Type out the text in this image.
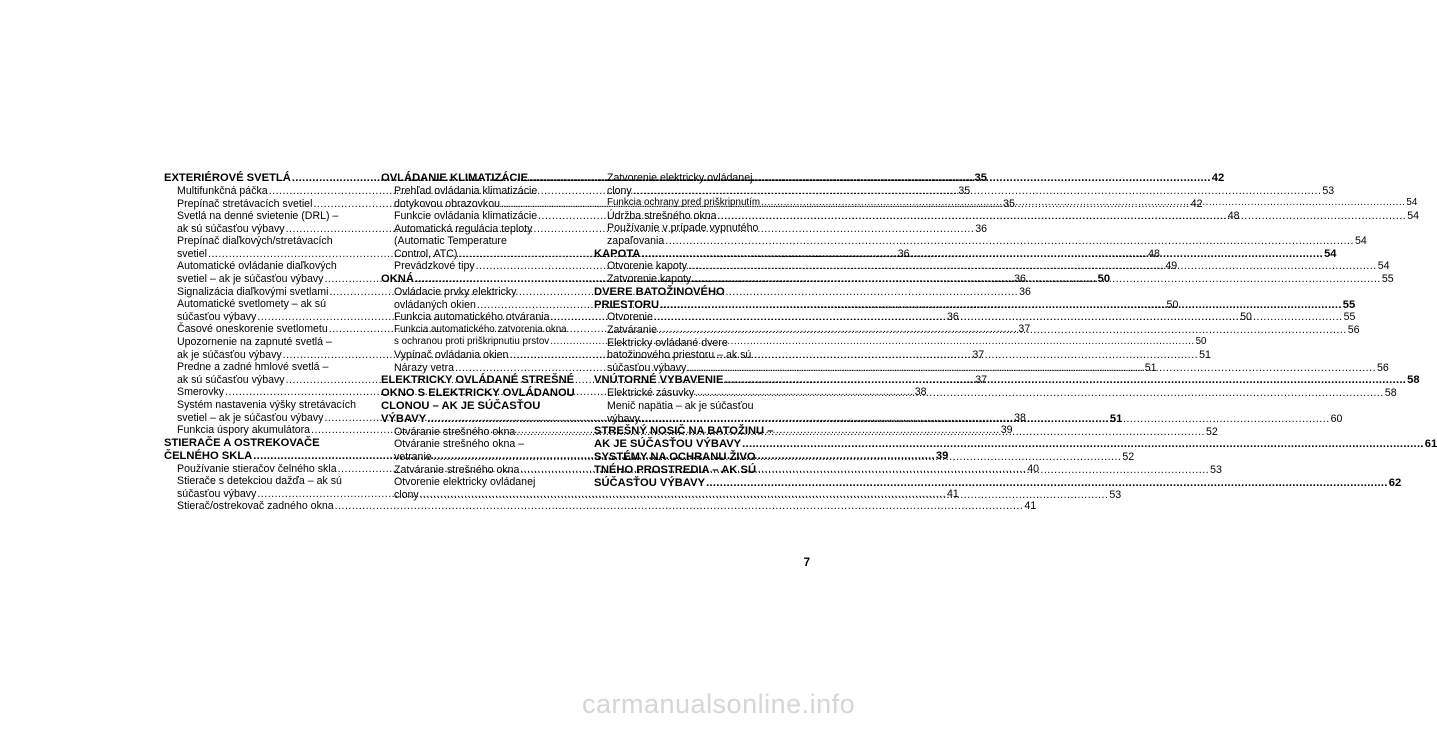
EXTERIÉROVÉ SVETLÁ .....	35
Multifunkčná páčka .....	35
Prepínač stretávacích svetiel .....	35
Svetlá na denné svietenie (DRL) –
ak sú súčasťou výbavy .....	36
Prepínač diaľkových/stretávacích
svetiel .....	36
Automatické ovládanie diaľkových
svetiel – ak je súčasťou výbavy .....	36
Signalizácia diaľkovými svetlami .....	36
Automatické svetlomety – ak sú
súčasťou výbavy .....	36
Časové oneskorenie svetlometu .....	37
Upozornenie na zapnuté svetlá –
ak je súčasťou výbavy .....	37
Predne a zadné hmlové svetlá –
ak sú súčasťou výbavy .....	37
Smerovky .....	38
Systém nastavenia výšky stretávacích
svetiel – ak je súčasťou výbavy .....	38
Funkcia úspory akumulátora .....	39
STIERAČE A OSTREKOVAČE
ČELNÉHO SKLA .....	39
Používanie stieračov čelného skla .....	40
Stierače s detekciou dažďa – ak sú
súčasťou výbavy .....	41
Stierač/ostrekovač zadného okna .....	41
OVLÁDANIE KLIMATIZÁCIE .....	42
Prehľad ovládania klimatizácie
dotykovou obrazovkou .....	42
Funkcie ovládania klimatizácie .....	48
Automatická regulácia teploty
(Automatic Temperature
Control, ATC) .....	48
Prevádzkové tipy .....	49
OKNÁ .....	50
Ovládacie prvky elektricky
ovládaných okien .....	50
Funkcia automatického otvárania .....	50
Funkcia automatického zatvorenia okna
s ochranou proti priškripnutiu prstov .....	50
Vypínač ovládania okien .....	51
Nárazy vetra .....	51
ELEKTRICKY OVLÁDANÉ STREŠNÉ
OKNO S ELEKTRICKY OVLÁDANOU
CLONOU – AK JE SÚČASŤOU
VÝBAVY .....	51
Otváranie strešného okna .....	52
Otváranie strešného okna –
vetranie .....	52
Zatváranie strešného okna .....	53
Otvorenie elektricky ovládanej
clony .....	53
Zatvorenie elektricky ovládanej
clony .....	53
Funkcia ochrany pred priškripnutím .....	54
Údržba strešného okna .....	54
Používanie v prípade vypnutého
zapaľovania .....	54
KAPOTA .....	54
Otvorenie kapoty .....	54
Zatvorenie kapoty .....	55
DVERE BATOŽINOVÉHO
PRIESTORU .....	55
Otvorenie .....	55
Zatváranie .....	56
Elektricky ovládané dvere
batožinového priestoru – ak sú
súčasťou výbavy .....	56
VNÚTORNÉ VYBAVENIE .....	58
Elektrické zásuvky .....	58
Menič napätia – ak je súčasťou
výbavy .....	60
STREŠNÝ NOSIČ NA BATOŽINU –
AK JE SÚČASŤOU VÝBAVY .....	61
SYSTÉMY NA OCHRANU ŽIVO
TNÉHO PROSTREDIA – AK SÚ
SÚČASŤOU VÝBAVY .....	62
7
carmanualsonline.info
